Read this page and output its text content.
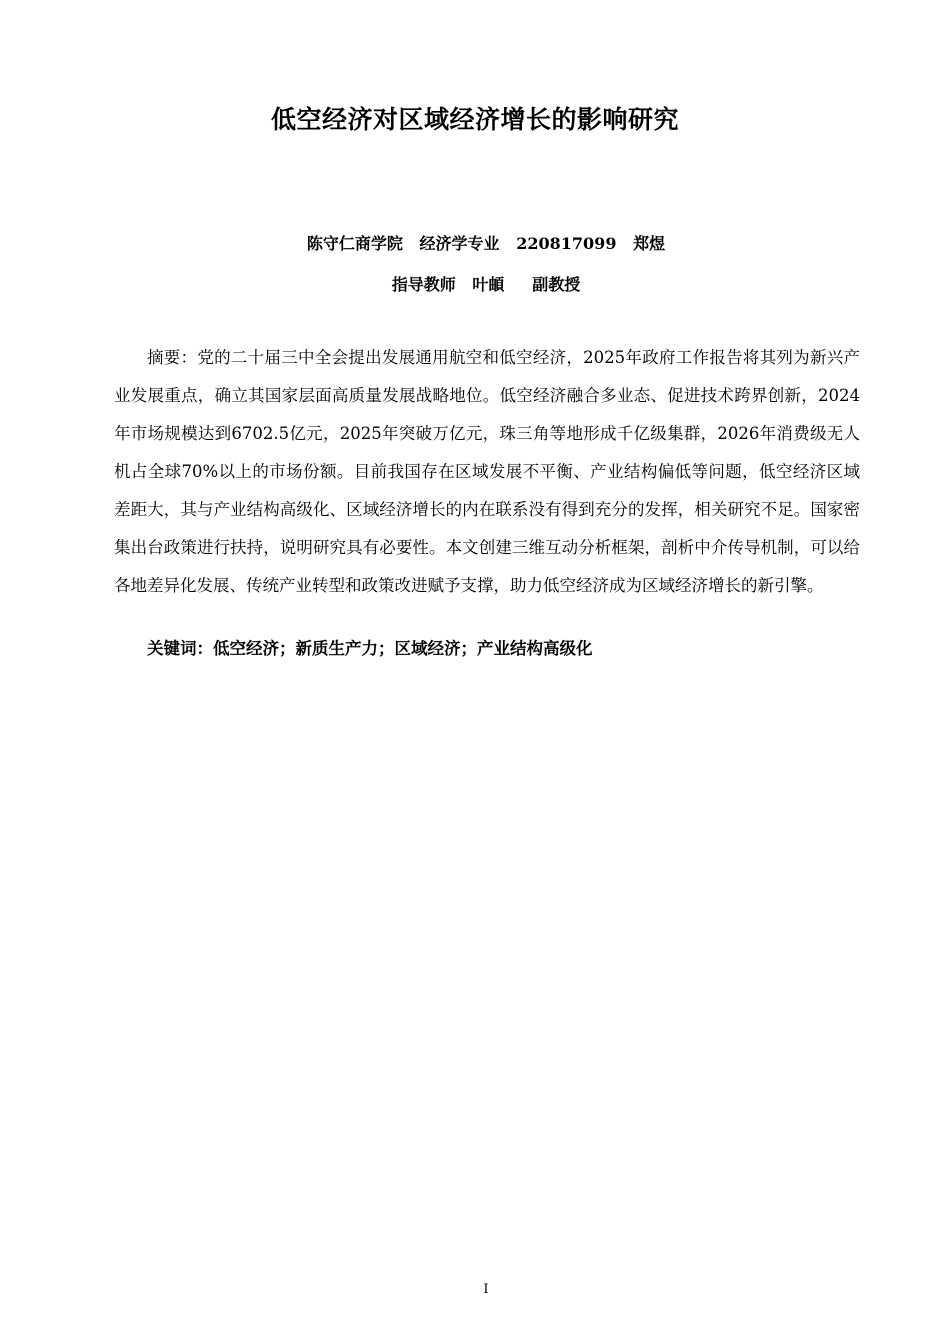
低空经济对区域经济增长的影响研究
陈守仁商学院   经济学专业   220817099   郑煜
指导教师   叶頔     副教授

摘要：党的二十届三中全会提出发展通用航空和低空经济，2025年政府工作报告将其列为新兴产业发展重点，确立其国家层面高质量发展战略地位。低空经济融合多业态、促进技术跨界创新，2024年市场规模达到6702.5亿元，2025年突破万亿元，珠三角等地形成千亿级集群，2026年消费级无人机占全球70%以上的市场份额。目前我国存在区域发展不平衡、产业结构偏低等问题，低空经济区域差距大，其与产业结构高级化、区域经济增长的内在联系没有得到充分的发挥，相关研究不足。国家密集出台政策进行扶持，说明研究具有必要性。本文创建三维互动分析框架，剖析中介传导机制，可以给各地差异化发展、传统产业转型和政策改进赋予支撑，助力低空经济成为区域经济增长的新引擎。

关键词：低空经济；新质生产力；区域经济；产业结构高级化
I
